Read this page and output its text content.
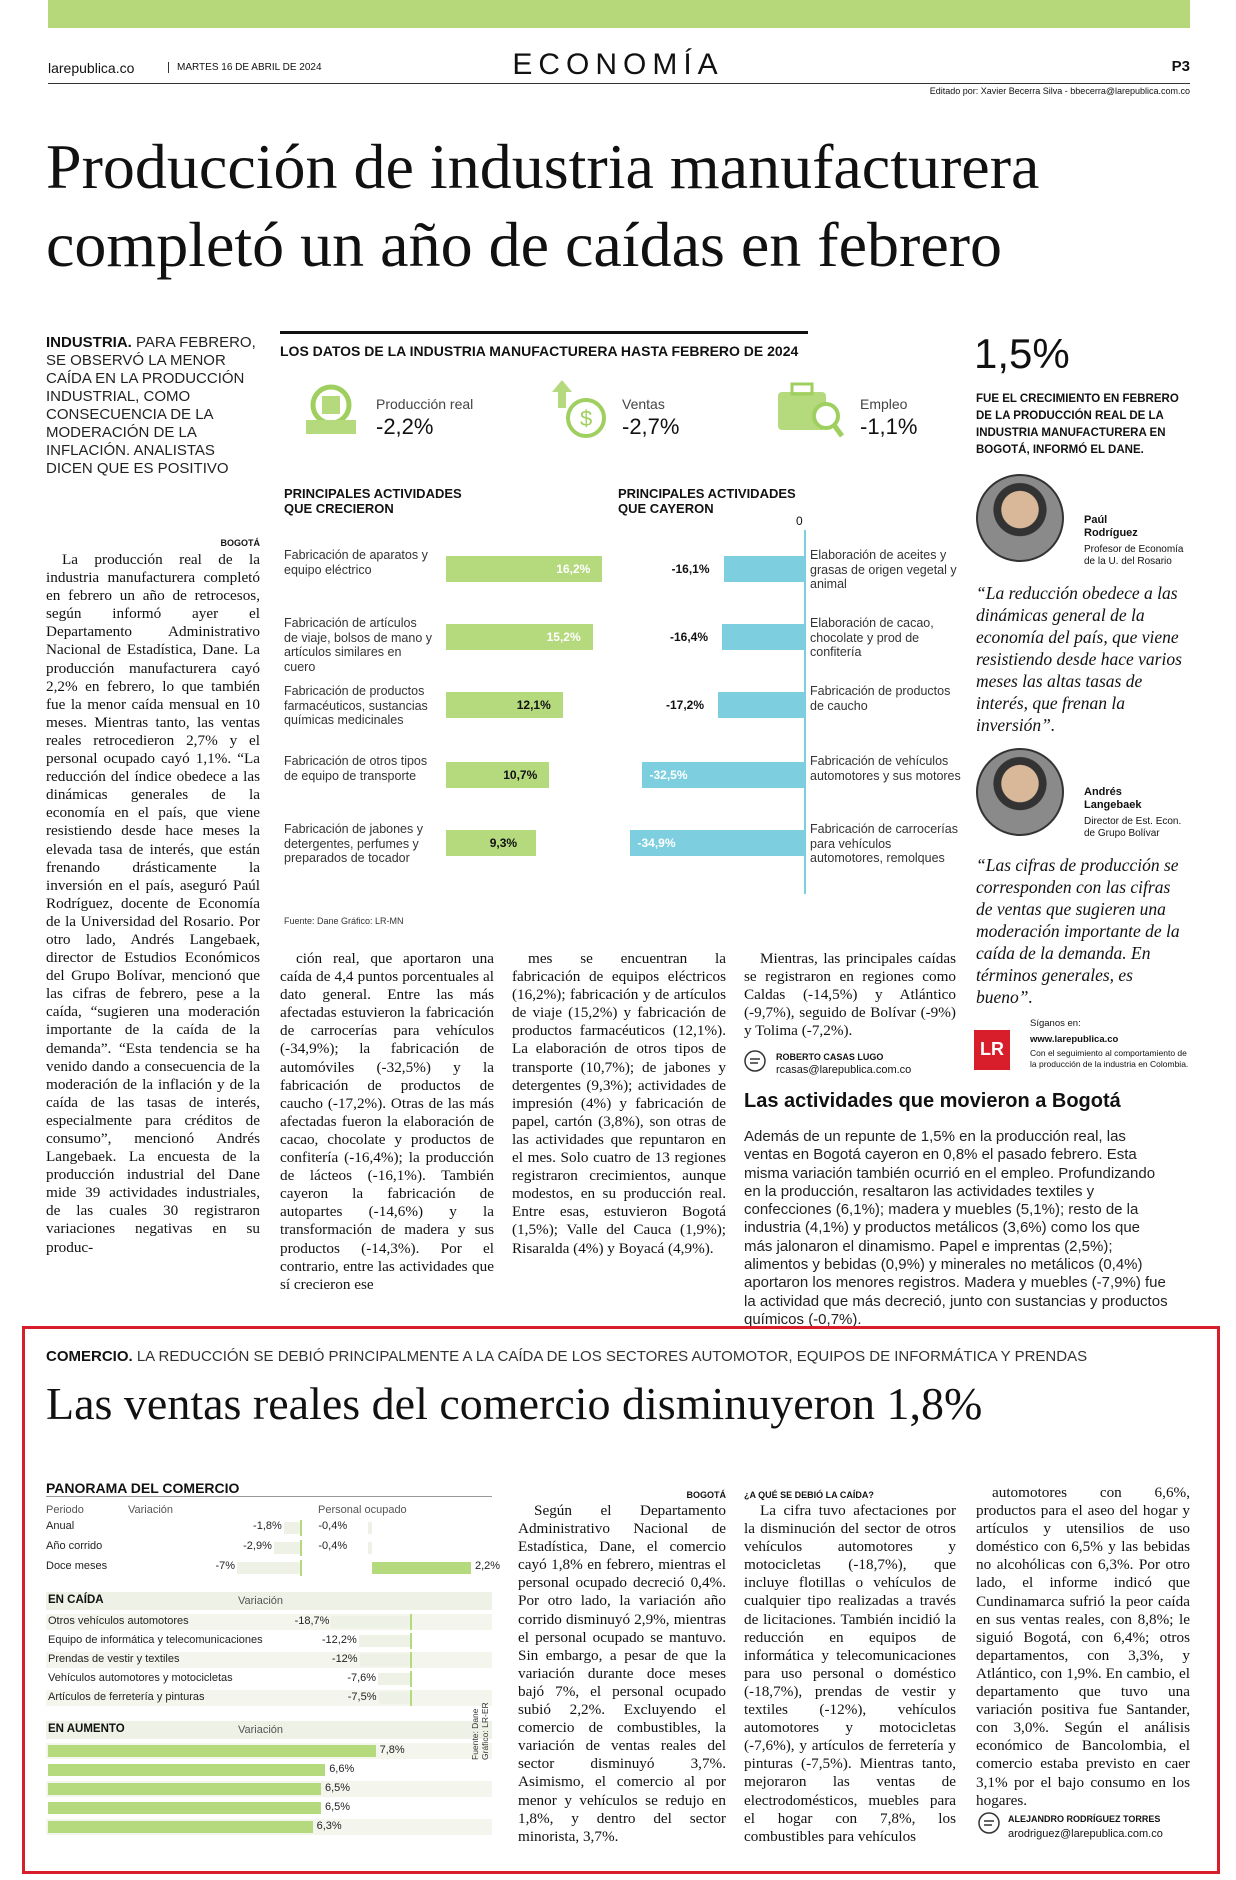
larepublica.co	MARTES 16 DE ABRIL DE 2024	ECONOMÍA	P3
Editado por: Xavier Becerra Silva - bbecerra@larepublica.com.co
Producción de industria manufacturera
completó un año de caídas en febrero
INDUSTRIA. PARA FEBRERO, SE OBSERVÓ LA MENOR CAÍDA EN LA PRODUCCIÓN INDUSTRIAL, COMO CONSECUENCIA DE LA MODERACIÓN DE LA INFLACIÓN. ANALISTAS DICEN QUE ES POSITIVO
BOGOTÁ

La producción real de la industria manufacturera completó en febrero un año de retrocesos, según informó ayer el Departamento Administrativo Nacional de Estadística, Dane. La producción manufacturera cayó 2,2% en febrero, lo que también fue la menor caída mensual en 10 meses. Mientras tanto, las ventas reales retrocedieron 2,7% y el personal ocupado cayó 1,1%. “La reducción del índice obedece a las dinámicas generales de la economía en el país, que viene resistiendo desde hace meses la elevada tasa de interés, que están frenando drásticamente la inversión en el país, aseguró Paúl Rodríguez, docente de Economía de la Universidad del Rosario. Por otro lado, Andrés Langebaek, director de Estudios Económicos del Grupo Bolívar, mencionó que las cifras de febrero, pese a la caída, “sugieren una moderación importante de la caída de la demanda”. “Esta tendencia se ha venido dando a consecuencia de la moderación de la inflación y de la caída de las tasas de interés, especialmente para créditos de consumo”, mencionó Andrés Langebaek. La encuesta de la producción industrial del Dane mide 39 actividades industriales, de las cuales 30 registraron variaciones negativas en su produc-

LOS DATOS DE LA INDUSTRIA MANUFACTURERA HASTA FEBRERO DE 2024
Producción real
-2,2%	$
Ventas
-2,7%
Empleo
-1,1%
PRINCIPALES ACTIVIDADES QUE CRECIERON
PRINCIPALES ACTIVIDADES QUE CAYERON
0
Fabricación de aparatos y equipo eléctrico	16,2%
Fabricación de artículos de viaje, bolsos de mano y artículos similares en cuero
15,2%
Fabricación de productos farmacéuticos, sustancias químicas medicinales
12,1%
Fabricación de otros tipos de equipo de transporte	10,7%
Fabricación de jabones y detergentes, perfumes y preparados de tocador
9,3%
Elaboración de aceites y grasas de origen vegetal y animal
-16,1%
Elaboración de cacao, chocolate y prod de confitería
-16,4%
Fabricación de productos de caucho
-17,2%
Fabricación de vehículos automotores y sus motores
-32,5%
Fabricación de carrocerías para vehículos automotores, remolques
-34,9%
Fuente: Dane Gráfico: LR-MN

ción real, que aportaron una caída de 4,4 puntos porcentuales al dato general. Entre las más afectadas estuvieron la fabricación de carrocerías para vehículos (-34,9%); la fabricación de automóviles (-32,5%) y la fabricación de productos de caucho (-17,2%). Otras de las más afectadas fueron la elaboración de cacao, chocolate y productos de confitería (-16,4%); la producción de lácteos (-16,1%). También cayeron la fabricación de autopartes (-14,6%) y la transformación de madera y sus productos (-14,3%). Por el contrario, entre las actividades que sí crecieron ese

mes se encuentran la fabricación de equipos eléctricos (16,2%); fabricación y de artículos de viaje (15,2%) y fabricación de productos farmacéuticos (12,1%). La elaboración de otros tipos de transporte (10,7%); de jabones y detergentes (9,3%); actividades de impresión (4%) y fabricación de papel, cartón (3,8%), son otras de las actividades que repuntaron en el mes. Solo cuatro de 13 regiones registraron crecimientos, aunque modestos, en su producción real. Entre esas, estuvieron Bogotá (1,5%); Valle del Cauca (1,9%); Risaralda (4%) y Boyacá (4,9%).

Mientras, las principales caídas se registraron en regiones como Caldas (-14,5%) y Atlántico (-9,7%), seguido de Bolívar (-9%) y Tolima (-7,2%).

ROBERTO CASAS LUGO
rcasas@larepublica.com.co
Las actividades que movieron a Bogotá
Además de un repunte de 1,5% en la producción real, las ventas en Bogotá cayeron en 0,8% el pasado febrero. Esta misma variación también ocurrió en el empleo. Profundizando en la producción, resaltaron las actividades textiles y confecciones (6,1%); madera y muebles (5,1%); resto de la industria (4,1%) y productos metálicos (3,6%) como los que más jalonaron el dinamismo. Papel e imprentas (2,5%); alimentos y bebidas (0,9%) y minerales no metálicos (0,4%) aportaron los menores registros. Madera y muebles (-7,9%) fue la actividad que más decreció, junto con sustancias y productos químicos (-0,7%).
1,5%
FUE EL CRECIMIENTO EN FEBRERO DE LA PRODUCCIÓN REAL DE LA INDUSTRIA MANUFACTURERA EN BOGOTÁ, INFORMÓ EL DANE.
Paúl Rodríguez
Profesor de Economía de la U. del Rosario
“La reducción obedece a las dinámicas general de la economía del país, que viene resistiendo desde hace varios meses las altas tasas de interés, que frenan la inversión”.
Andrés Langebaek
Director de Est. Econ. de Grupo Bolívar
“Las cifras de producción se corresponden con las cifras de ventas que sugieren una moderación importante de la caída de la demanda. En términos generales, es bueno”.
Síganos en:
LR	www.larepublica.co
Con el seguimiento al comportamiento de la producción de la industria en Colombia.
COMERCIO. LA REDUCCIÓN SE DEBIÓ PRINCIPALMENTE A LA CAÍDA DE LOS SECTORES AUTOMOTOR, EQUIPOS DE INFORMÁTICA Y PRENDAS
Las ventas reales del comercio disminuyeron 1,8%
PANORAMA DEL COMERCIO
Periodo	Variación	Personal ocupado
Anual	-1,8%	-0,4%
Año corrido	-2,9%	-0,4%
Doce meses	-7%	2,2%
EN CAÍDA	Variación
Otros vehículos automotores	-18,7%
Equipo de informática y telecomunicaciones	-12,2%
Prendas de vestir y textiles	-12%
Vehículos automotores y motocicletas	-7,6%
Artículos de ferretería y pinturas	-7,5%
EN AUMENTO	Variación
7,8%
6,6%
6,5%
6,5%
6,3%
Fuente: Dane Gráfico: LR-ER
BOGOTÁ

Según el Departamento Administrativo Nacional de Estadística, Dane, el comercio cayó 1,8% en febrero, mientras el personal ocupado decreció 0,4%. Por otro lado, la variación año corrido disminuyó 2,9%, mientras el personal ocupado se mantuvo. Sin embargo, a pesar de que la variación durante doce meses bajó 7%, el personal ocupado subió 2,2%. Excluyendo el comercio de combustibles, la variación de ventas reales del sector disminuyó 3,7%. Asimismo, el comercio al por menor y vehículos se redujo en 1,8%, y dentro del sector minorista, 3,7%.

¿A QUÉ SE DEBIÓ LA CAÍDA?

La cifra tuvo afectaciones por la disminución del sector de otros vehículos automotores y motocicletas (-18,7%), que incluye flotillas o vehículos de cualquier tipo realizadas a través de licitaciones. También incidió la reducción en equipos de informática y telecomunicaciones para uso personal o doméstico (-18,7%), prendas de vestir y textiles (-12%), vehículos automotores y motocicletas (-7,6%), y artículos de ferretería y pinturas (-7,5%). Mientras tanto, mejoraron las ventas de electrodomésticos, muebles para el hogar con 7,8%, los combustibles para vehículos

automotores con 6,6%, productos para el aseo del hogar y artículos y utensilios de uso doméstico con 6,5% y las bebidas no alcohólicas con 6,3%. Por otro lado, el informe indicó que Cundinamarca sufrió la peor caída en sus ventas reales, con 8,8%; le siguió Bogotá, con 6,4%; otros departamentos, con 3,3%, y Atlántico, con 1,9%. En cambio, el departamento que tuvo una variación positiva fue Santander, con 3,0%. Según el análisis económico de Bancolombia, el comercio estaba previsto en caer 3,1% por el bajo consumo en los hogares.

ALEJANDRO RODRÍGUEZ TORRES
arodriguez@larepublica.com.co
